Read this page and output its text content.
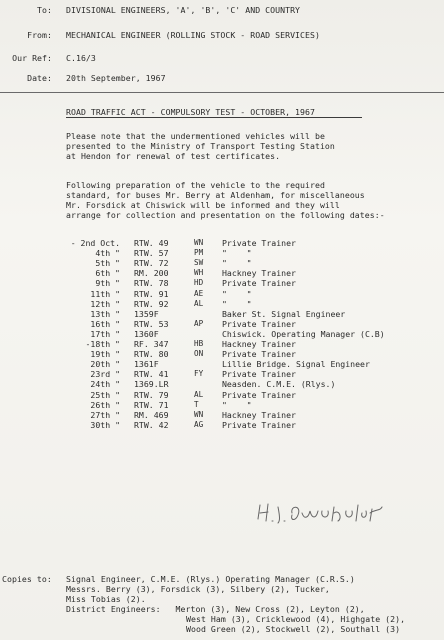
To: DIVISIONAL ENGINEERS, 'A', 'B', 'C' AND COUNTRY
From: MECHANICAL ENGINEER (ROLLING STOCK - ROAD SERVICES)
Our Ref: C.16/3
Date: 20th September, 1967
ROAD TRAFFIC ACT - COMPULSORY TEST - OCTOBER, 1967
Please note that the undermentioned vehicles will be
presented to the Ministry of Transport Testing Station
at Hendon for renewal of test certificates.
Following preparation of the vehicle to the required
standard, for buses Mr. Berry at Aldenham, for miscellaneous
Mr. Forsdick at Chiswick will be informed and they will
arrange for collection and presentation on the following dates:-
- 2nd Oct. RTW. 49	WN Private Trainer
4th " RTW. 57	PM "    "
5th " RTW. 72	SW "    "
6th " RM. 200	WH Hackney Trainer
9th " RTW. 78	HD Private Trainer
11th " RTW. 91	AE "    "
12th " RTW. 92	AL "    "
13th " 1359F	Baker St. Signal Engineer
16th " RTW. 53	AP Private Trainer
17th " 1360F	Chiswick. Operating Manager (C.B)
-18th " RF. 347	HB Hackney Trainer
19th " RTW. 80	ON Private Trainer
20th " 1361F	Lillie Bridge. Signal Engineer
23rd " RTW. 41	FY Private Trainer
24th " 1369.LR	Neasden. C.M.E. (Rlys.)
25th " RTW. 79	AL Private Trainer
26th " RTW. 71	T	"    "
27th " RM. 469	WN Hackney Trainer
30th " RTW. 42	AG Private Trainer
Copies to: Signal Engineer, C.M.E. (Rlys.) Operating Manager (C.R.S.)
Messrs. Berry (3), Forsdick (3), Silbery (2), Tucker,
Miss Tobias (2).
District Engineers:   Merton (3), New Cross (2), Leyton (2),
West Ham (3), Cricklewood (4), Highgate (2),
Wood Green (2), Stockwell (2), Southall (3)
